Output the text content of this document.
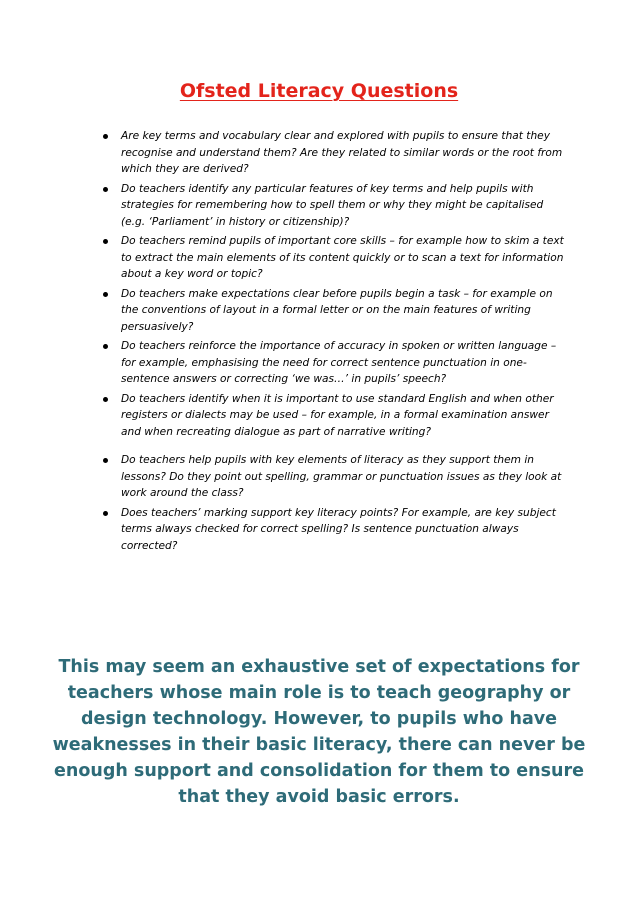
Ofsted Literacy Questions
Are key terms and vocabulary clear and explored with pupils to ensure that they recognise and understand them? Are they related to similar words or the root from which they are derived?
Do teachers identify any particular features of key terms and help pupils with strategies for remembering how to spell them or why they might be capitalised (e.g. ‘Parliament’ in history or citizenship)?
Do teachers remind pupils of important core skills – for example how to skim a text to extract the main elements of its content quickly or to scan a text for information about a key word or topic?
Do teachers make expectations clear before pupils begin a task – for example on the conventions of layout in a formal letter or on the main features of writing persuasively?
Do teachers reinforce the importance of accuracy in spoken or written language – for example, emphasising the need for correct sentence punctuation in one-sentence answers or correcting ‘we was…’ in pupils’ speech?
Do teachers identify when it is important to use standard English and when other registers or dialects may be used – for example, in a formal examination answer and when recreating dialogue as part of narrative writing?
Do teachers help pupils with key elements of literacy as they support them in lessons? Do they point out spelling, grammar or punctuation issues as they look at work around the class?
Does teachers’ marking support key literacy points? For example, are key subject terms always checked for correct spelling? Is sentence punctuation always corrected?
This may seem an exhaustive set of expectations for teachers whose main role is to teach geography or design technology. However, to pupils who have weaknesses in their basic literacy, there can never be enough support and consolidation for them to ensure that they avoid basic errors.
